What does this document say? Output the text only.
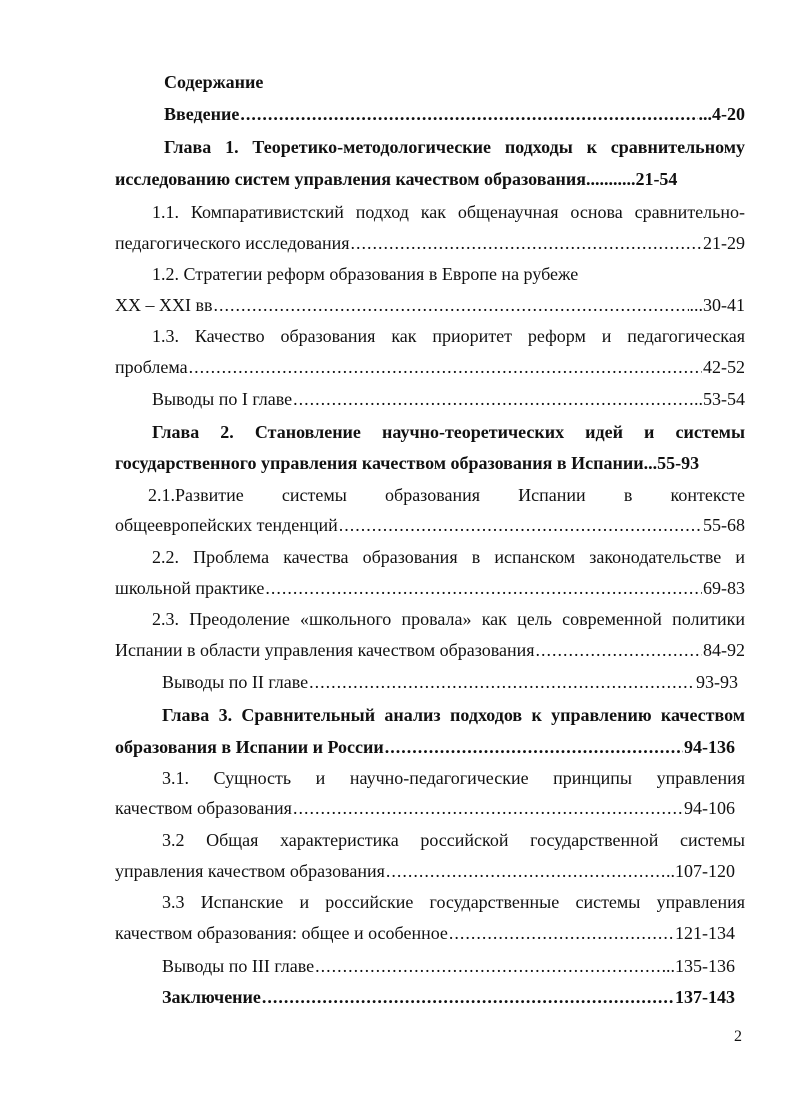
Содержание
Введение .....	...4-20
Глава 1. Теоретико-методологические подходы к сравнительному
исследованию систем управления качеством образования ...........21-54
1.1. Компаративистский подход как общенаучная основа сравнительно-
педагогического исследования .....	21-29
1.2. Стратегии реформ образования в Европе на рубеже
XX – XXI вв .....	...30-41
1.3. Качество образования как приоритет реформ и педагогическая
проблема .....	42-52
Выводы по I главе .....	..53-54
Глава 2. Становление научно-теоретических идей и системы
государственного управления качеством образования в Испании...55-93
2.1.Развитие системы образования Испании в контексте
общеевропейских тенденций .....	55-68
2.2. Проблема качества образования в испанском законодательстве и
школьной практике .....	69-83
2.3. Преодоление «школьного провала» как цель современной политики
Испании в области управления качеством образования .....	84-92
Выводы по II главе .....	93-93
Глава 3. Сравнительный анализ подходов к управлению качеством
образования в Испании и России .....	94-136
3.1. Сущность и научно-педагогические принципы управления
качеством образования .....	94-106
3.2 Общая характеристика российской государственной системы
управления качеством образования .....	..107-120
3.3 Испанские и российские государственные системы управления
качеством образования: общее и особенное .....	121-134
Выводы по III главе .....	..135-136
Заключение .....	137-143
2
